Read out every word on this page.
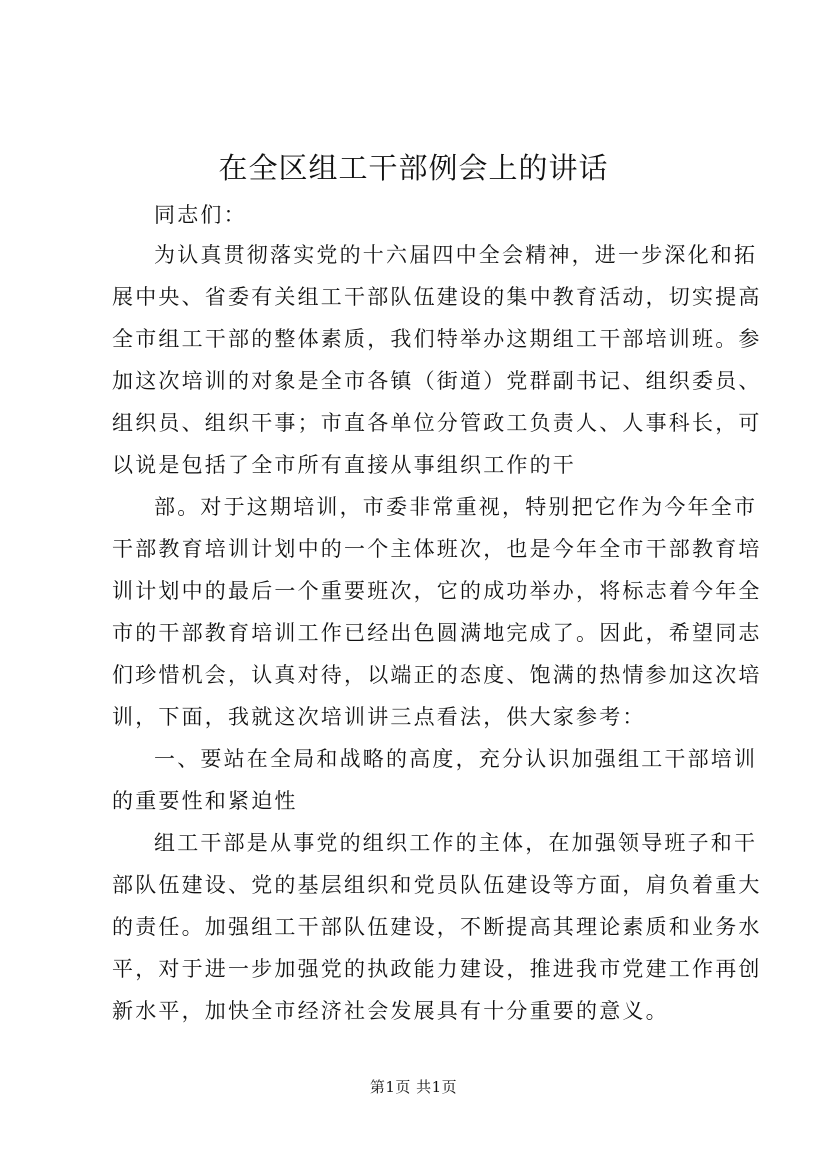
在全区组工干部例会上的讲话
同志们：
为认真贯彻落实党的十六届四中全会精神，进一步深化和拓
展中央、省委有关组工干部队伍建设的集中教育活动，切实提高
全市组工干部的整体素质，我们特举办这期组工干部培训班。参
加这次培训的对象是全市各镇（街道）党群副书记、组织委员、
组织员、组织干事；市直各单位分管政工负责人、人事科长，可
以说是包括了全市所有直接从事组织工作的干
部。对于这期培训，市委非常重视，特别把它作为今年全市
干部教育培训计划中的一个主体班次，也是今年全市干部教育培
训计划中的最后一个重要班次，它的成功举办，将标志着今年全
市的干部教育培训工作已经出色圆满地完成了。因此，希望同志
们珍惜机会，认真对待，以端正的态度、饱满的热情参加这次培
训，下面，我就这次培训讲三点看法，供大家参考：
一、要站在全局和战略的高度，充分认识加强组工干部培训
的重要性和紧迫性
组工干部是从事党的组织工作的主体，在加强领导班子和干
部队伍建设、党的基层组织和党员队伍建设等方面，肩负着重大
的责任。加强组工干部队伍建设，不断提高其理论素质和业务水
平，对于进一步加强党的执政能力建设，推进我市党建工作再创
新水平，加快全市经济社会发展具有十分重要的意义。
第1页 共1页
